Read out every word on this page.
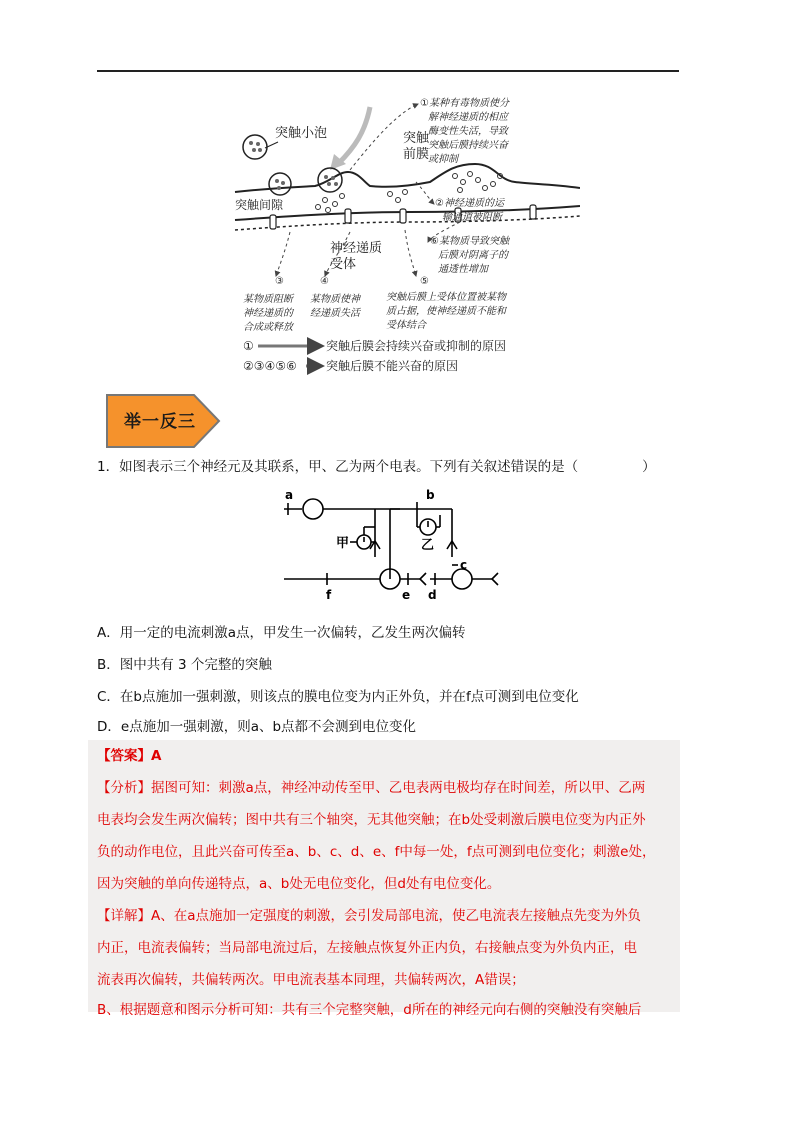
突触小泡	突触
前膜
突触间隙
神经递质
受体
①某种有毒物质使分
解神经递质的相应
酶变性失活，导致
突触后膜持续兴奋
或抑制
②神经递质的运
输通道被阻断
⑥某物质导致突触
后膜对阴离子的
通透性增加
③
某物质阻断
神经递质的
合成或释放
④
某物质使神
经递质失活
⑤
突触后膜上受体位置被某物
质占据，使神经递质不能和
受体结合
①	突触后膜会持续兴奋或抑制的原因
②③④⑤⑥ 突触后膜不能兴奋的原因
举一反三
1．如图表示三个神经元及其联系，甲、乙为两个电表。下列有关叙述错误的是（	）
a	b
c
d
e
f
甲	乙
A．用一定的电流刺激a点，甲发生一次偏转，乙发生两次偏转
B．图中共有 3 个完整的突触
C．在b点施加一强刺激，则该点的膜电位变为内正外负，并在f点可测到电位变化
D．e点施加一强刺激，则a、b点都不会测到电位变化
【答案】A
【分析】据图可知：刺激a点，神经冲动传至甲、乙电表两电极均存在时间差，所以甲、乙两
电表均会发生两次偏转；图中共有三个轴突，无其他突触；在b处受刺激后膜电位变为内正外
负的动作电位，且此兴奋可传至a、b、c、d、e、f中每一处，f点可测到电位变化；刺激e处，
因为突触的单向传递特点，a、b处无电位变化，但d处有电位变化。
【详解】A、在a点施加一定强度的刺激，会引发局部电流，使乙电流表左接触点先变为外负
内正，电流表偏转；当局部电流过后，左接触点恢复外正内负，右接触点变为外负内正，电
流表再次偏转，共偏转两次。甲电流表基本同理，共偏转两次，A错误；
B、根据题意和图示分析可知：共有三个完整突触，d所在的神经元向右侧的突触没有突触后
